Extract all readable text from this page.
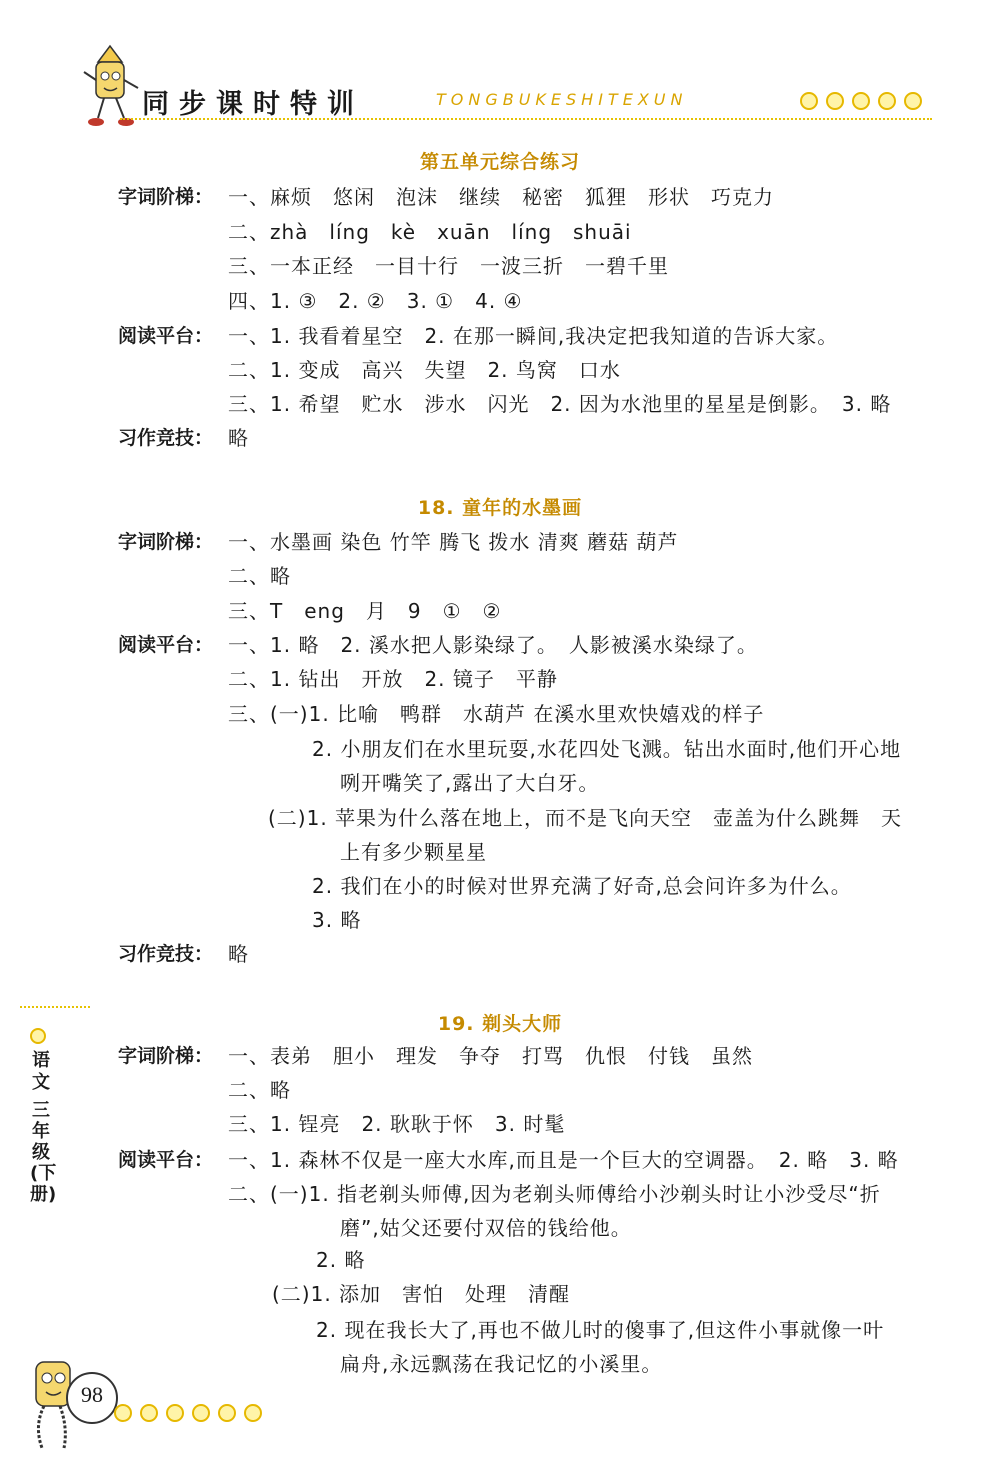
同步课时特训	TONGBUKESHITEXUN
第五单元综合练习
字词阶梯： 一、麻烦　悠闲　泡沫　继续　秘密　狐狸　形状　巧克力
二、zhà　líng　kè　xuān　líng　shuāi
三、一本正经　一目十行　一波三折　一碧千里
四、1. ③　2. ②　3. ①　4. ④
阅读平台： 一、1. 我看着星空　2. 在那一瞬间,我决定把我知道的告诉大家。
二、1. 变成　高兴　失望　2. 鸟窝　口水
三、1. 希望　贮水　涉水　闪光　2. 因为水池里的星星是倒影。　3. 略
习作竞技： 略
18. 童年的水墨画
字词阶梯： 一、水墨画 染色 竹竿 腾飞 拨水 清爽 蘑菇 葫芦
二、略
三、T　eng　月　9　①　②
阅读平台： 一、1. 略　2. 溪水把人影染绿了。　人影被溪水染绿了。
二、1. 钻出　开放　2. 镜子　平静
三、(一)1. 比喻　鸭群　水葫芦 在溪水里欢快嬉戏的样子
2. 小朋友们在水里玩耍,水花四处飞溅。钻出水面时,他们开心地
咧开嘴笑了,露出了大白牙。
(二)1. 苹果为什么落在地上，而不是飞向天空　壶盖为什么跳舞　天
上有多少颗星星
2. 我们在小的时候对世界充满了好奇,总会问许多为什么。
3. 略
习作竞技： 略
语文
三年级(下册)
19. 剃头大师
字词阶梯： 一、表弟　胆小　理发　争夺　打骂　仇恨　付钱　虽然
二、略
三、1. 锃亮　2. 耿耿于怀　3. 时髦
阅读平台： 一、1. 森林不仅是一座大水库,而且是一个巨大的空调器。　2. 略　3. 略
二、(一)1. 指老剃头师傅,因为老剃头师傅给小沙剃头时让小沙受尽“折
磨”,姑父还要付双倍的钱给他。
2. 略
(二)1. 添加　害怕　处理　清醒
2. 现在我长大了,再也不做儿时的傻事了,但这件小事就像一叶
扁舟,永远飘荡在我记忆的小溪里。
98
